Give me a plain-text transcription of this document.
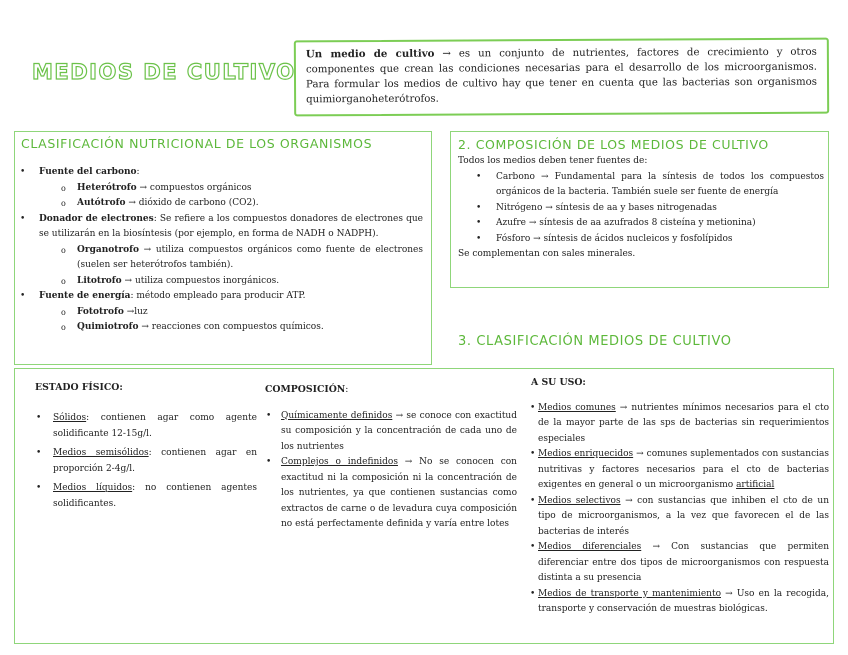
MEDIOS DE CULTIVO
Un medio de cultivo → es un conjunto de nutrientes, factores de crecimiento y otros componentes que crean las condiciones necesarias para el desarrollo de los microorganismos. Para formular los medios de cultivo hay que tener en cuenta que las bacterias son organismos quimiorganoheterótrofos.
CLASIFICACIÓN NUTRICIONAL DE LOS ORGANISMOS
• Fuente del carbono:
o Heterótrofo → compuestos orgánicos
o Autótrofo → dióxido de carbono (CO2).
• Donador de electrones: Se refiere a los compuestos donadores de electrones que se utilizarán en la biosíntesis (por ejemplo, en forma de NADH o NADPH).
o Organotrofo → utiliza compuestos orgánicos como fuente de electrones (suelen ser heterótrofos también).
o Litotrofo → utiliza compuestos inorgánicos.
• Fuente de energía: método empleado para producir ATP.
o Fototrofo →luz
o Quimiotrofo → reacciones con compuestos químicos.
2. COMPOSICIÓN DE LOS MEDIOS DE CULTIVO
Todos los medios deben tener fuentes de:
• Carbono → Fundamental para la síntesis de todos los compuestos orgánicos de la bacteria. También suele ser fuente de energía
• Nitrógeno → síntesis de aa y bases nitrogenadas
• Azufre → síntesis de aa azufrados 8 cisteína y metionina)
• Fósforo → síntesis de ácidos nucleicos y fosfolípidos
Se complementan con sales minerales.
3. CLASIFICACIÓN MEDIOS DE CULTIVO
ESTADO FÍSICO:
• Sólidos: contienen agar como agente solidificante 12-15g/l.
• Medios semisólidos: contienen agar en proporción 2-4g/l.
• Medios líquidos: no contienen agentes solidificantes.
COMPOSICIÓN:
• Químicamente definidos → se conoce con exactitud su composición y la concentración de cada uno de los nutrientes
• Complejos o indefinidos → No se conocen con exactitud ni la composición ni la concentración de los nutrientes, ya que contienen sustancias como extractos de carne o de levadura cuya composición no está perfectamente definida y varía entre lotes
A SU USO:
• Medios comunes → nutrientes mínimos necesarios para el cto de la mayor parte de las sps de bacterias sin requerimientos especiales
• Medios enriquecidos → comunes suplementados con sustancias nutritivas y factores necesarios para el cto de bacterias exigentes en general o un microorganismo artificial
• Medios selectivos → con sustancias que inhiben el cto de un tipo de microorganismos, a la vez que favorecen el de las bacterias de interés
• Medios diferenciales → Con sustancias que permiten diferenciar entre dos tipos de microorganismos con respuesta distinta a su presencia
• Medios de transporte y mantenimiento → Uso en la recogida, transporte y conservación de muestras biológicas.
